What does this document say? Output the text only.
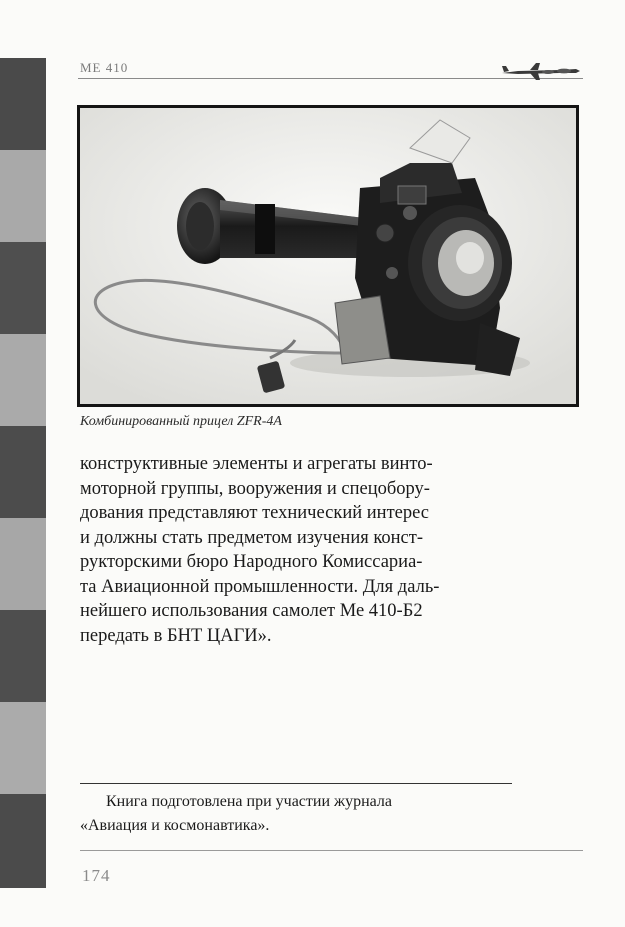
ME 410
Комбинированный прицел ZFR-4A
конструктивные элементы и агрегаты винто-
моторной группы, вооружения и спецобору-
дования представляют технический интерес
и должны стать предметом изучения конст-
рукторскими бюро Народного Комиссариа-
та Авиационной промышленности. Для даль-
нейшего использования самолет Ме 410-Б2
передать в БНТ ЦАГИ».
Книга подготовлена при участии журнала
«Авиация и космонавтика».
174
